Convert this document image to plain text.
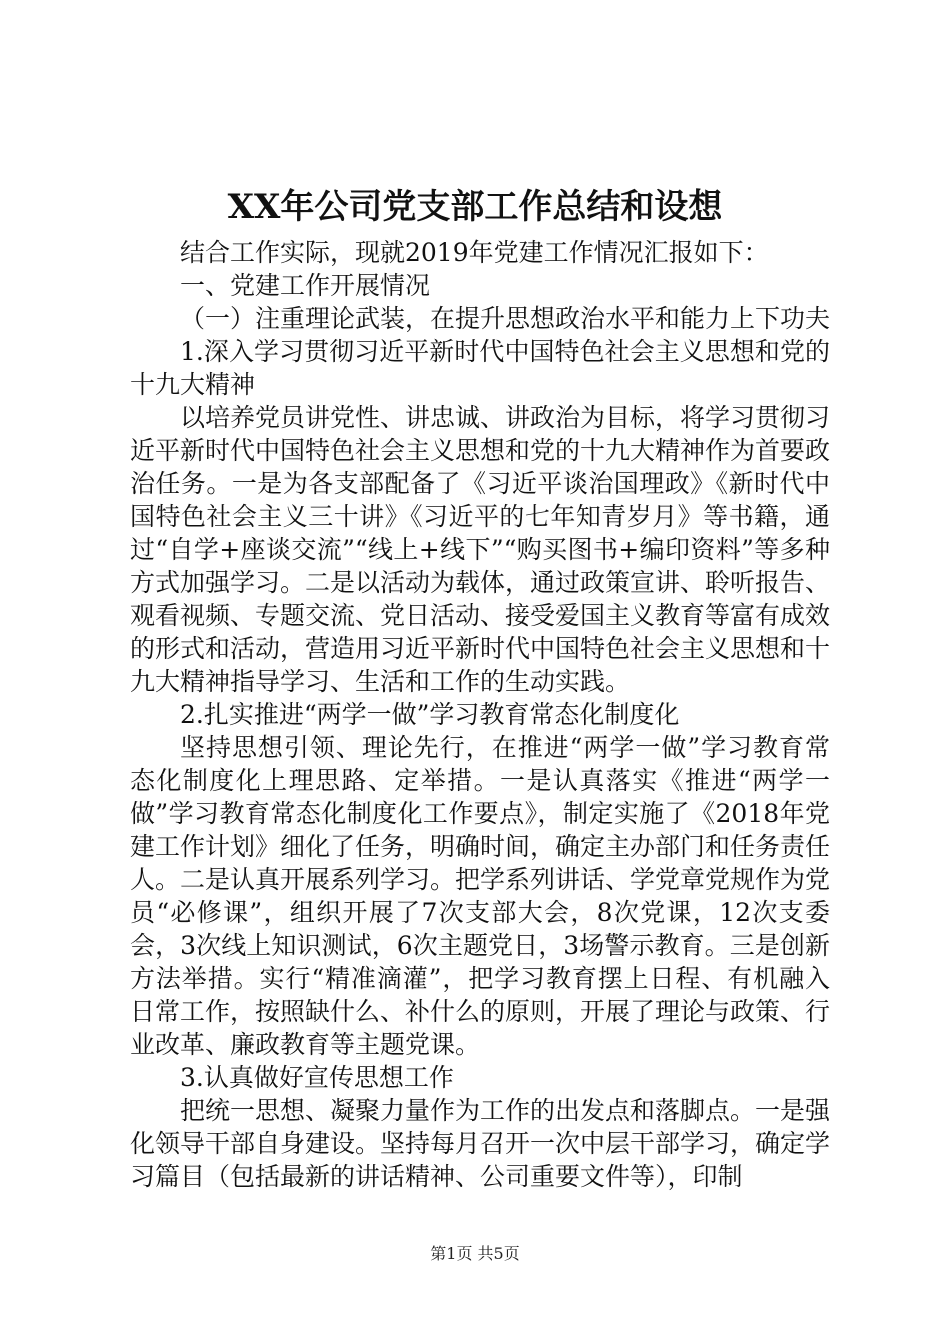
XX年公司党支部工作总结和设想

结合工作实际，现就2019年党建工作情况汇报如下：

一、党建工作开展情况

（一）注重理论武装，在提升思想政治水平和能力上下功夫

1.深入学习贯彻习近平新时代中国特色社会主义思想和党的十九大精神

以培养党员讲党性、讲忠诚、讲政治为目标，将学习贯彻习近平新时代中国特色社会主义思想和党的十九大精神作为首要政治任务。一是为各支部配备了《习近平谈治国理政》《新时代中国特色社会主义三十讲》《习近平的七年知青岁月》等书籍，通过“自学+座谈交流”“线上+线下”“购买图书+编印资料”等多种方式加强学习。二是以活动为载体，通过政策宣讲、聆听报告、观看视频、专题交流、党日活动、接受爱国主义教育等富有成效的形式和活动，营造用习近平新时代中国特色社会主义思想和十九大精神指导学习、生活和工作的生动实践。

2.扎实推进“两学一做”学习教育常态化制度化

坚持思想引领、理论先行，在推进“两学一做”学习教育常态化制度化上理思路、定举措。一是认真落实《推进“两学一做”学习教育常态化制度化工作要点》，制定实施了《2018年党建工作计划》细化了任务，明确时间，确定主办部门和任务责任人。二是认真开展系列学习。把学系列讲话、学党章党规作为党员“必修课”，组织开展了7次支部大会，8次党课，12次支委会，3次线上知识测试，6次主题党日，3场警示教育。三是创新方法举措。实行“精准滴灌”，把学习教育摆上日程、有机融入日常工作，按照缺什么、补什么的原则，开展了理论与政策、行业改革、廉政教育等主题党课。

3.认真做好宣传思想工作

把统一思想、凝聚力量作为工作的出发点和落脚点。一是强化领导干部自身建设。坚持每月召开一次中层干部学习，确定学习篇目（包括最新的讲话精神、公司重要文件等），印制

第1页 共5页
